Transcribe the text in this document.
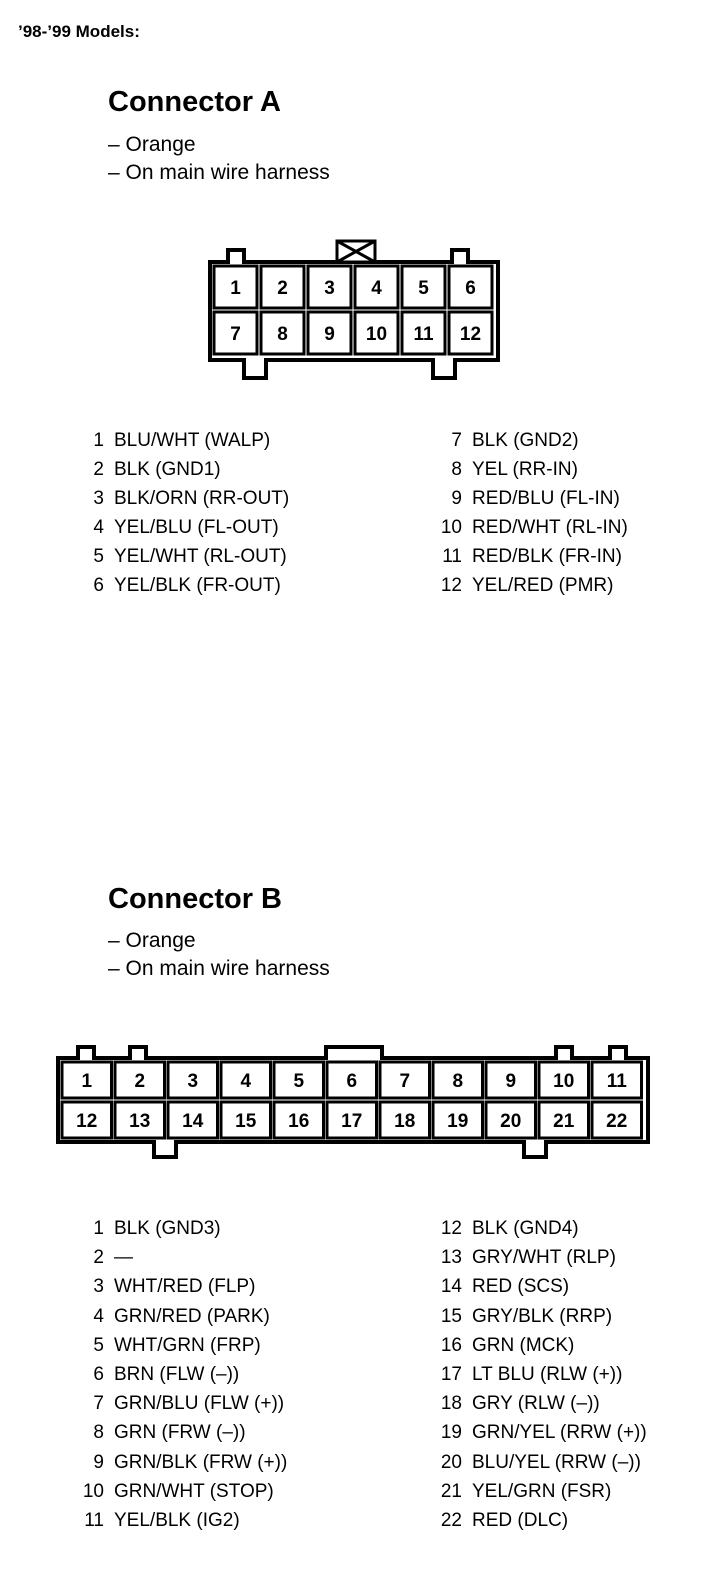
’98-’99 Models:
Connector A
– Orange
– On main wire harness
1 2 3 4 5 6
7 8 9 10 11 12
1 BLU/WHT (WALP)
2 BLK (GND1)
3 BLK/ORN (RR-OUT)
4 YEL/BLU (FL-OUT)
5 YEL/WHT (RL-OUT)
6 YEL/BLK (FR-OUT)
7 BLK (GND2)
8 YEL (RR-IN)
9 RED/BLU (FL-IN)
10 RED/WHT (RL-IN)
11 RED/BLK (FR-IN)
12 YEL/RED (PMR)
Connector B
– Orange
– On main wire harness
1 2 3 4 5 6 7 8 9 10 11
12 13 14 15 16 17 18 19 20 21 22
1 BLK (GND3)
2 —
3 WHT/RED (FLP)
4 GRN/RED (PARK)
5 WHT/GRN (FRP)
6 BRN (FLW (–))
7 GRN/BLU (FLW (+))
8 GRN (FRW (–))
9 GRN/BLK (FRW (+))
10 GRN/WHT (STOP)
11 YEL/BLK (IG2)
12 BLK (GND4)
13 GRY/WHT (RLP)
14 RED (SCS)
15 GRY/BLK (RRP)
16 GRN (MCK)
17 LT BLU (RLW (+))
18 GRY (RLW (–))
19 GRN/YEL (RRW (+))
20 BLU/YEL (RRW (–))
21 YEL/GRN (FSR)
22 RED (DLC)
